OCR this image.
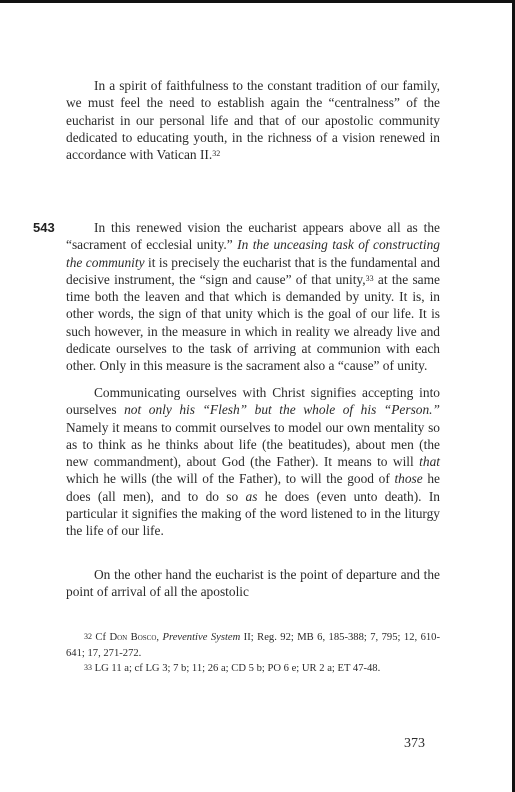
In a spirit of faithfulness to the constant tradition of our family, we must feel the need to establish again the “centralness” of the eucharist in our personal life and that of our apostolic community dedicated to educating youth, in the richness of a vision renewed in accordance with Vatican II.$^{32}$

543	In this renewed vision the eucharist appears above all as the “sacrament of ecclesial unity.” In the unceasing task of constructing the community it is precisely the eucharist that is the fundamental and decisive instrument, the “sign and cause” of that unity,$^{33}$ at the same time both the leaven and that which is demanded by unity. It is, in other words, the sign of that unity which is the goal of our life. It is such however, in the measure in which in reality we already live and dedicate ourselves to the task of arriving at communion with each other. Only in this measure is the sacrament also a “cause” of unity.

Communicating ourselves with Christ signifies accepting into ourselves not only his “Flesh” but the whole of his “Person.” Namely it means to commit ourselves to model our own mentality so as to think as he thinks about life (the beatitudes), about men (the new commandment), about God (the Father). It means to will that which he wills (the will of the Father), to will the good of those he does (all men), and to do so as he does (even unto death). In particular it signifies the making of the word listened to in the liturgy the life of our life.

On the other hand the eucharist is the point of departure and the point of arrival of all the apostolic

$^{32}$ Cf Don Bosco, Preventive System II; Reg. 92; MB 6, 185-388; 7, 795; 12, 610-641; 17, 271-272.

$^{33}$ LG 11 a; cf LG 3; 7 b; 11; 26 a; CD 5 b; PO 6 e; UR 2 a; ET 47-48.

373
